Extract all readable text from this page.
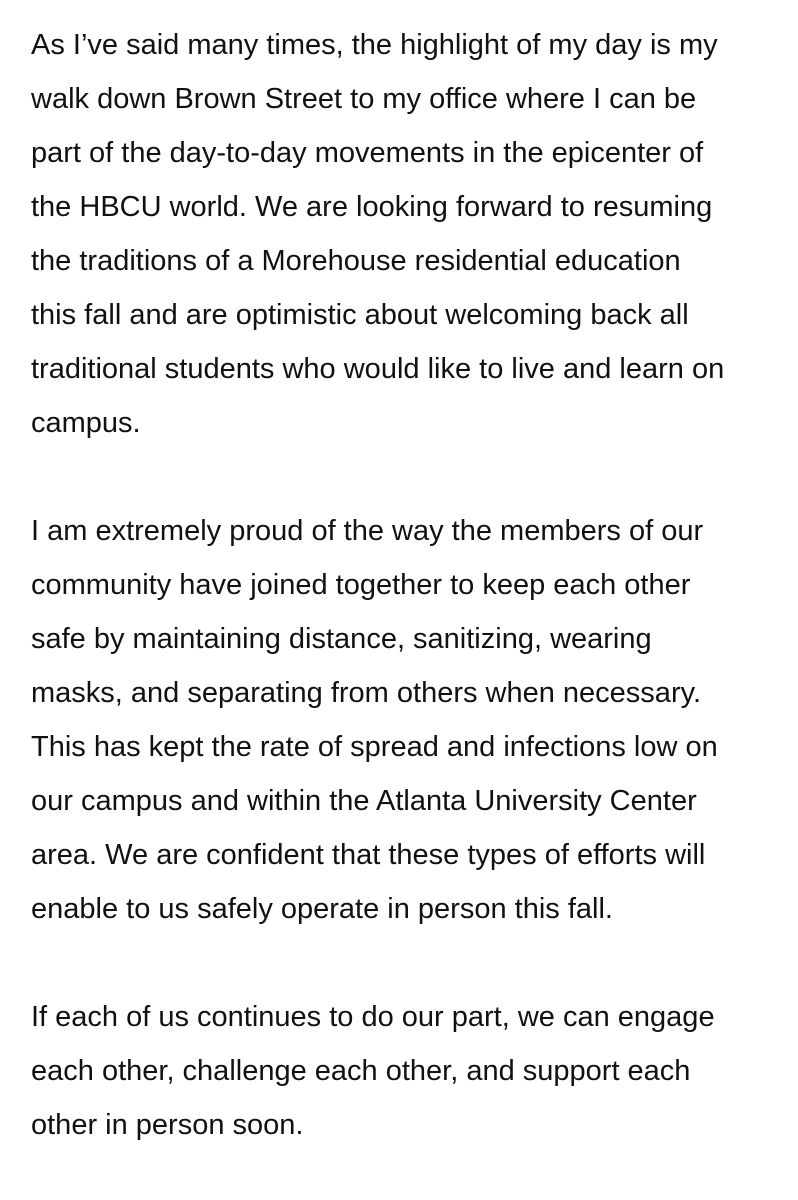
As I’ve said many times, the highlight of my day is my
walk down Brown Street to my office where I can be
part of the day-to-day movements in the epicenter of
the HBCU world. We are looking forward to resuming
the traditions of a Morehouse residential education
this fall and are optimistic about welcoming back all
traditional students who would like to live and learn on
campus.
I am extremely proud of the way the members of our
community have joined together to keep each other
safe by maintaining distance, sanitizing, wearing
masks, and separating from others when necessary.
This has kept the rate of spread and infections low on
our campus and within the Atlanta University Center
area. We are confident that these types of efforts will
enable to us safely operate in person this fall.
If each of us continues to do our part, we can engage
each other, challenge each other, and support each
other in person soon.
